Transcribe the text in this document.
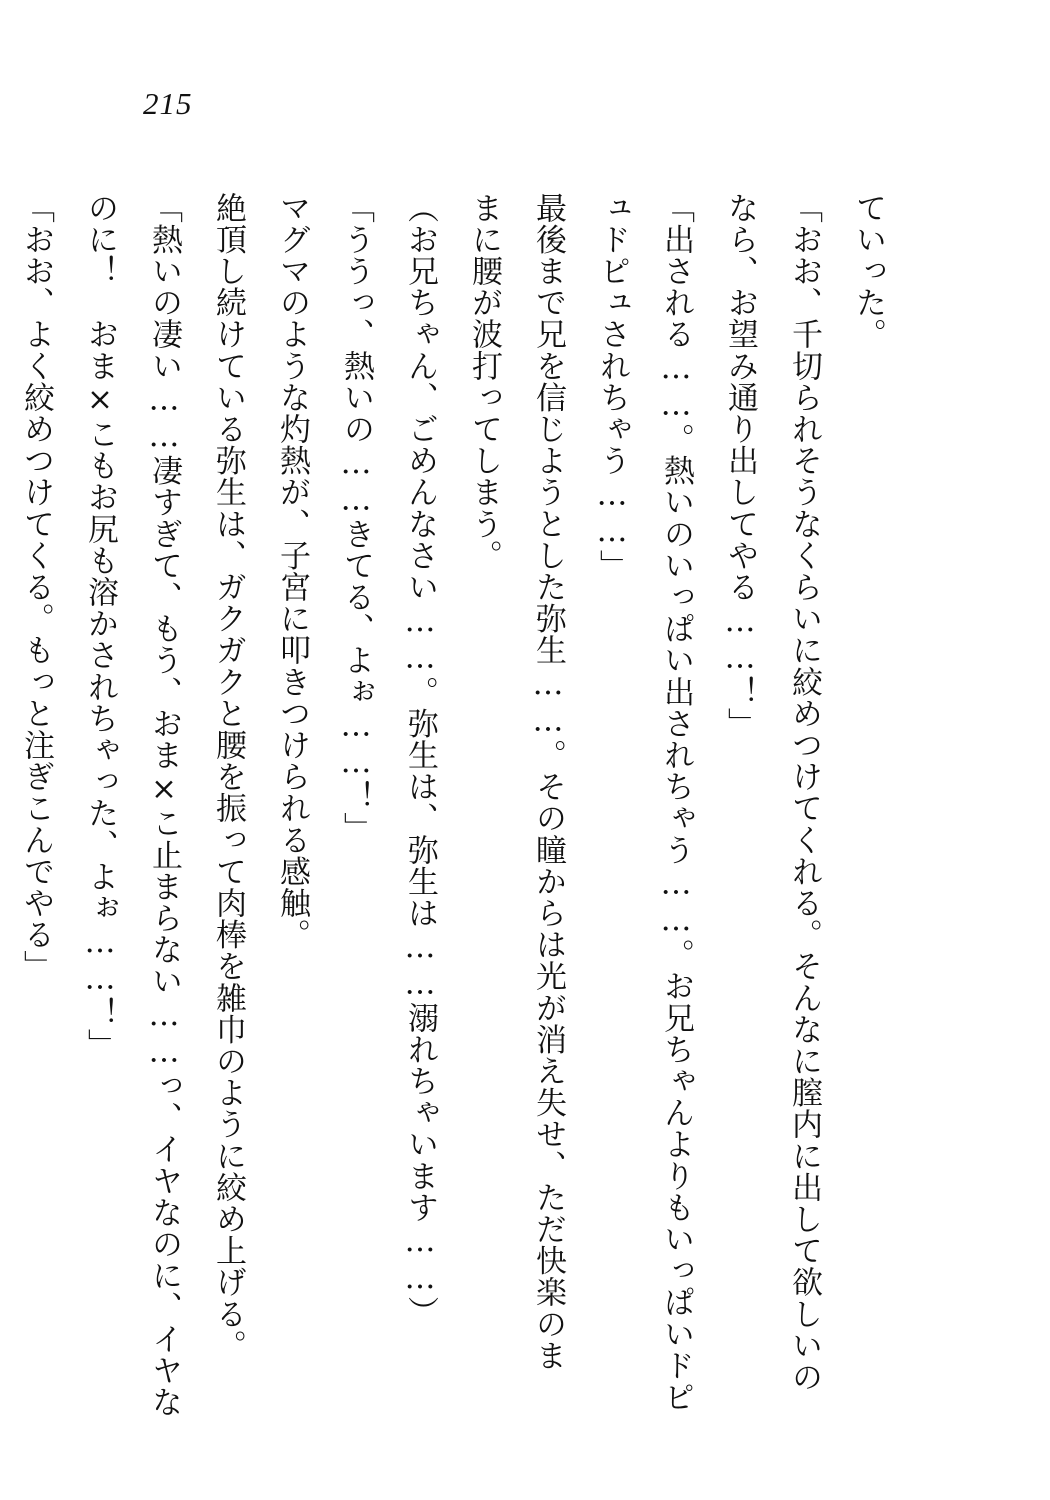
215
ていった。
「おお、千切られそうなくらいに絞めつけてくれる。そんなに膣内に出して欲しいの
なら、お望み通り出してやる……！」
「出される……。熱いのいっぱい出されちゃう……。お兄ちゃんよりもいっぱいドピ
ュドピュされちゃう……」
最後まで兄を信じようとした弥生……。その瞳からは光が消え失せ、ただ快楽のま
まに腰が波打ってしまう。
（お兄ちゃん、ごめんなさい……。弥生は、弥生は……溺れちゃいます……）
「ううっ、熱いの……きてる、よぉ……！」
マグマのような灼熱が、子宮に叩きつけられる感触。
絶頂し続けている弥生は、ガクガクと腰を振って肉棒を雑巾のように絞め上げる。
「熱いの凄い……凄すぎて、もう、おま×こ止まらない……っ、イヤなのに、イヤな
のに！　おま×こもお尻も溶かされちゃった、よぉ……！」
「おお、よく絞めつけてくる。もっと注ぎこんでやる」
